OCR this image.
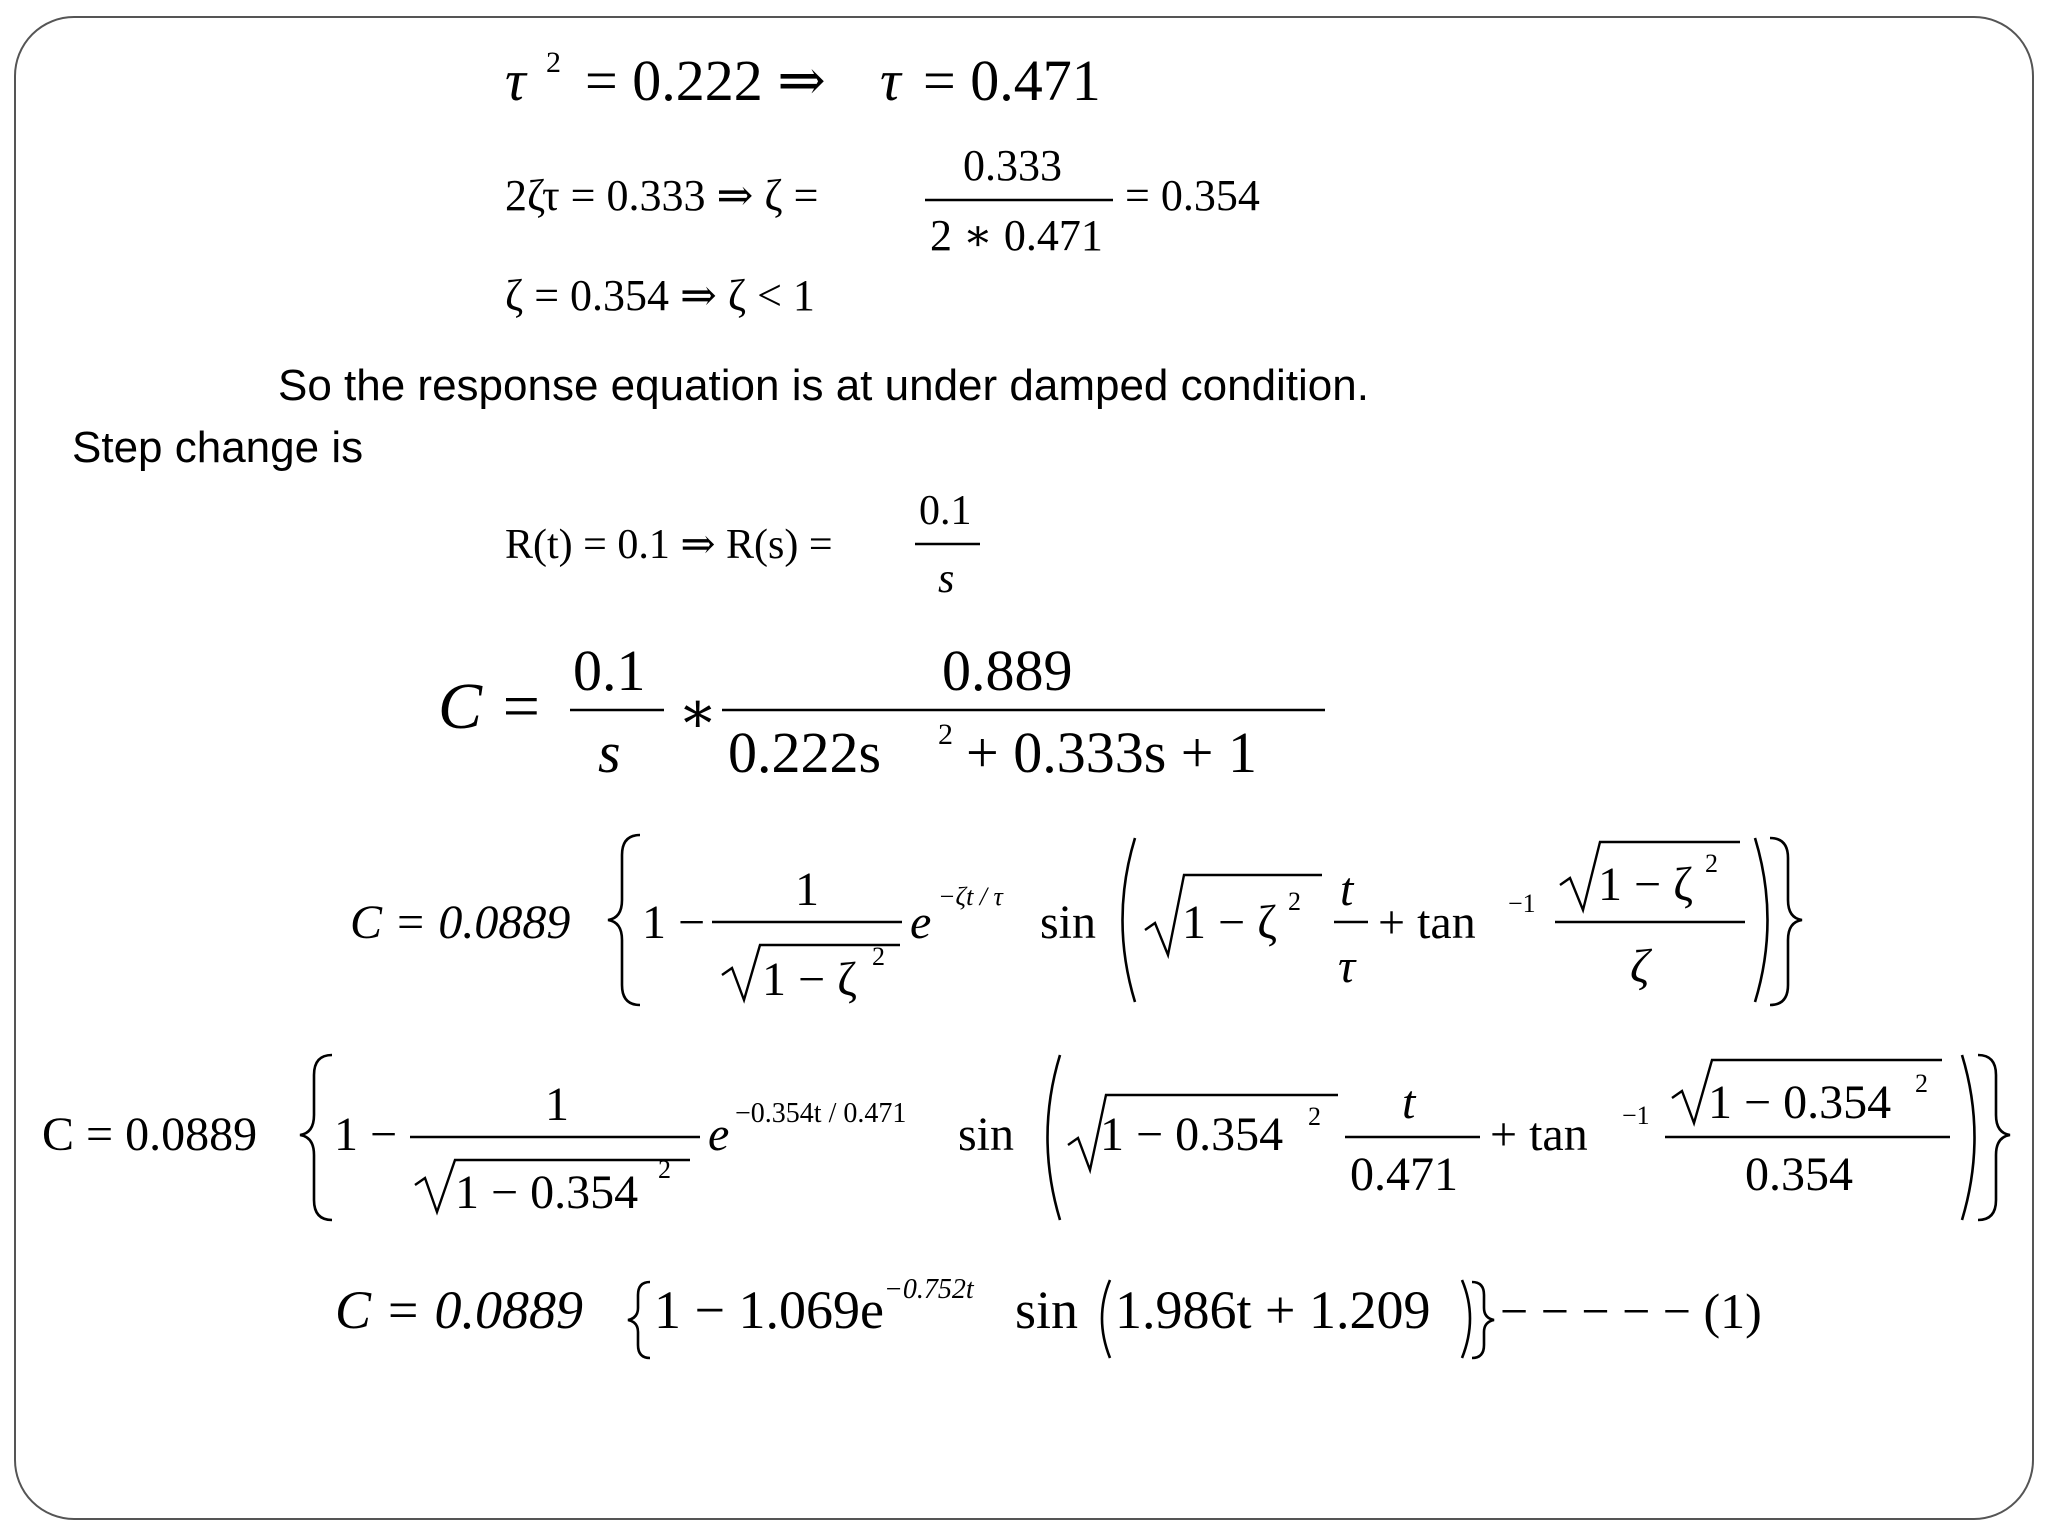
τ 2 = 0.222 ⇒ τ = 0.471
2ζτ = 0.333 ⇒ ζ =
0.333
2 ∗ 0.471
= 0.354
ζ = 0.354 ⇒ ζ < 1
So the response equation is at under damped condition.
Step change is
R(t) = 0.1 ⇒ R(s) =
0.1
s
C = 0.1
s
∗
0.889
0.222s 2 + 0.333s + 1
C = 0.0889 1 −
1
1 − ζ 2
e −ζt / τ sin 1 − ζ 2 t
τ
+ tan −1 1 − ζ 2
ζ
C = 0.0889 1 −
1
1 − 0.354 2
e −0.354t / 0.471 sin 1 − 0.354 2 t
0.471
+ tan −1 1 − 0.354 2
0.354
C = 0.0889 1 − 1.069e −0.752t sin 1.986t + 1.209 − − − − − (1)
